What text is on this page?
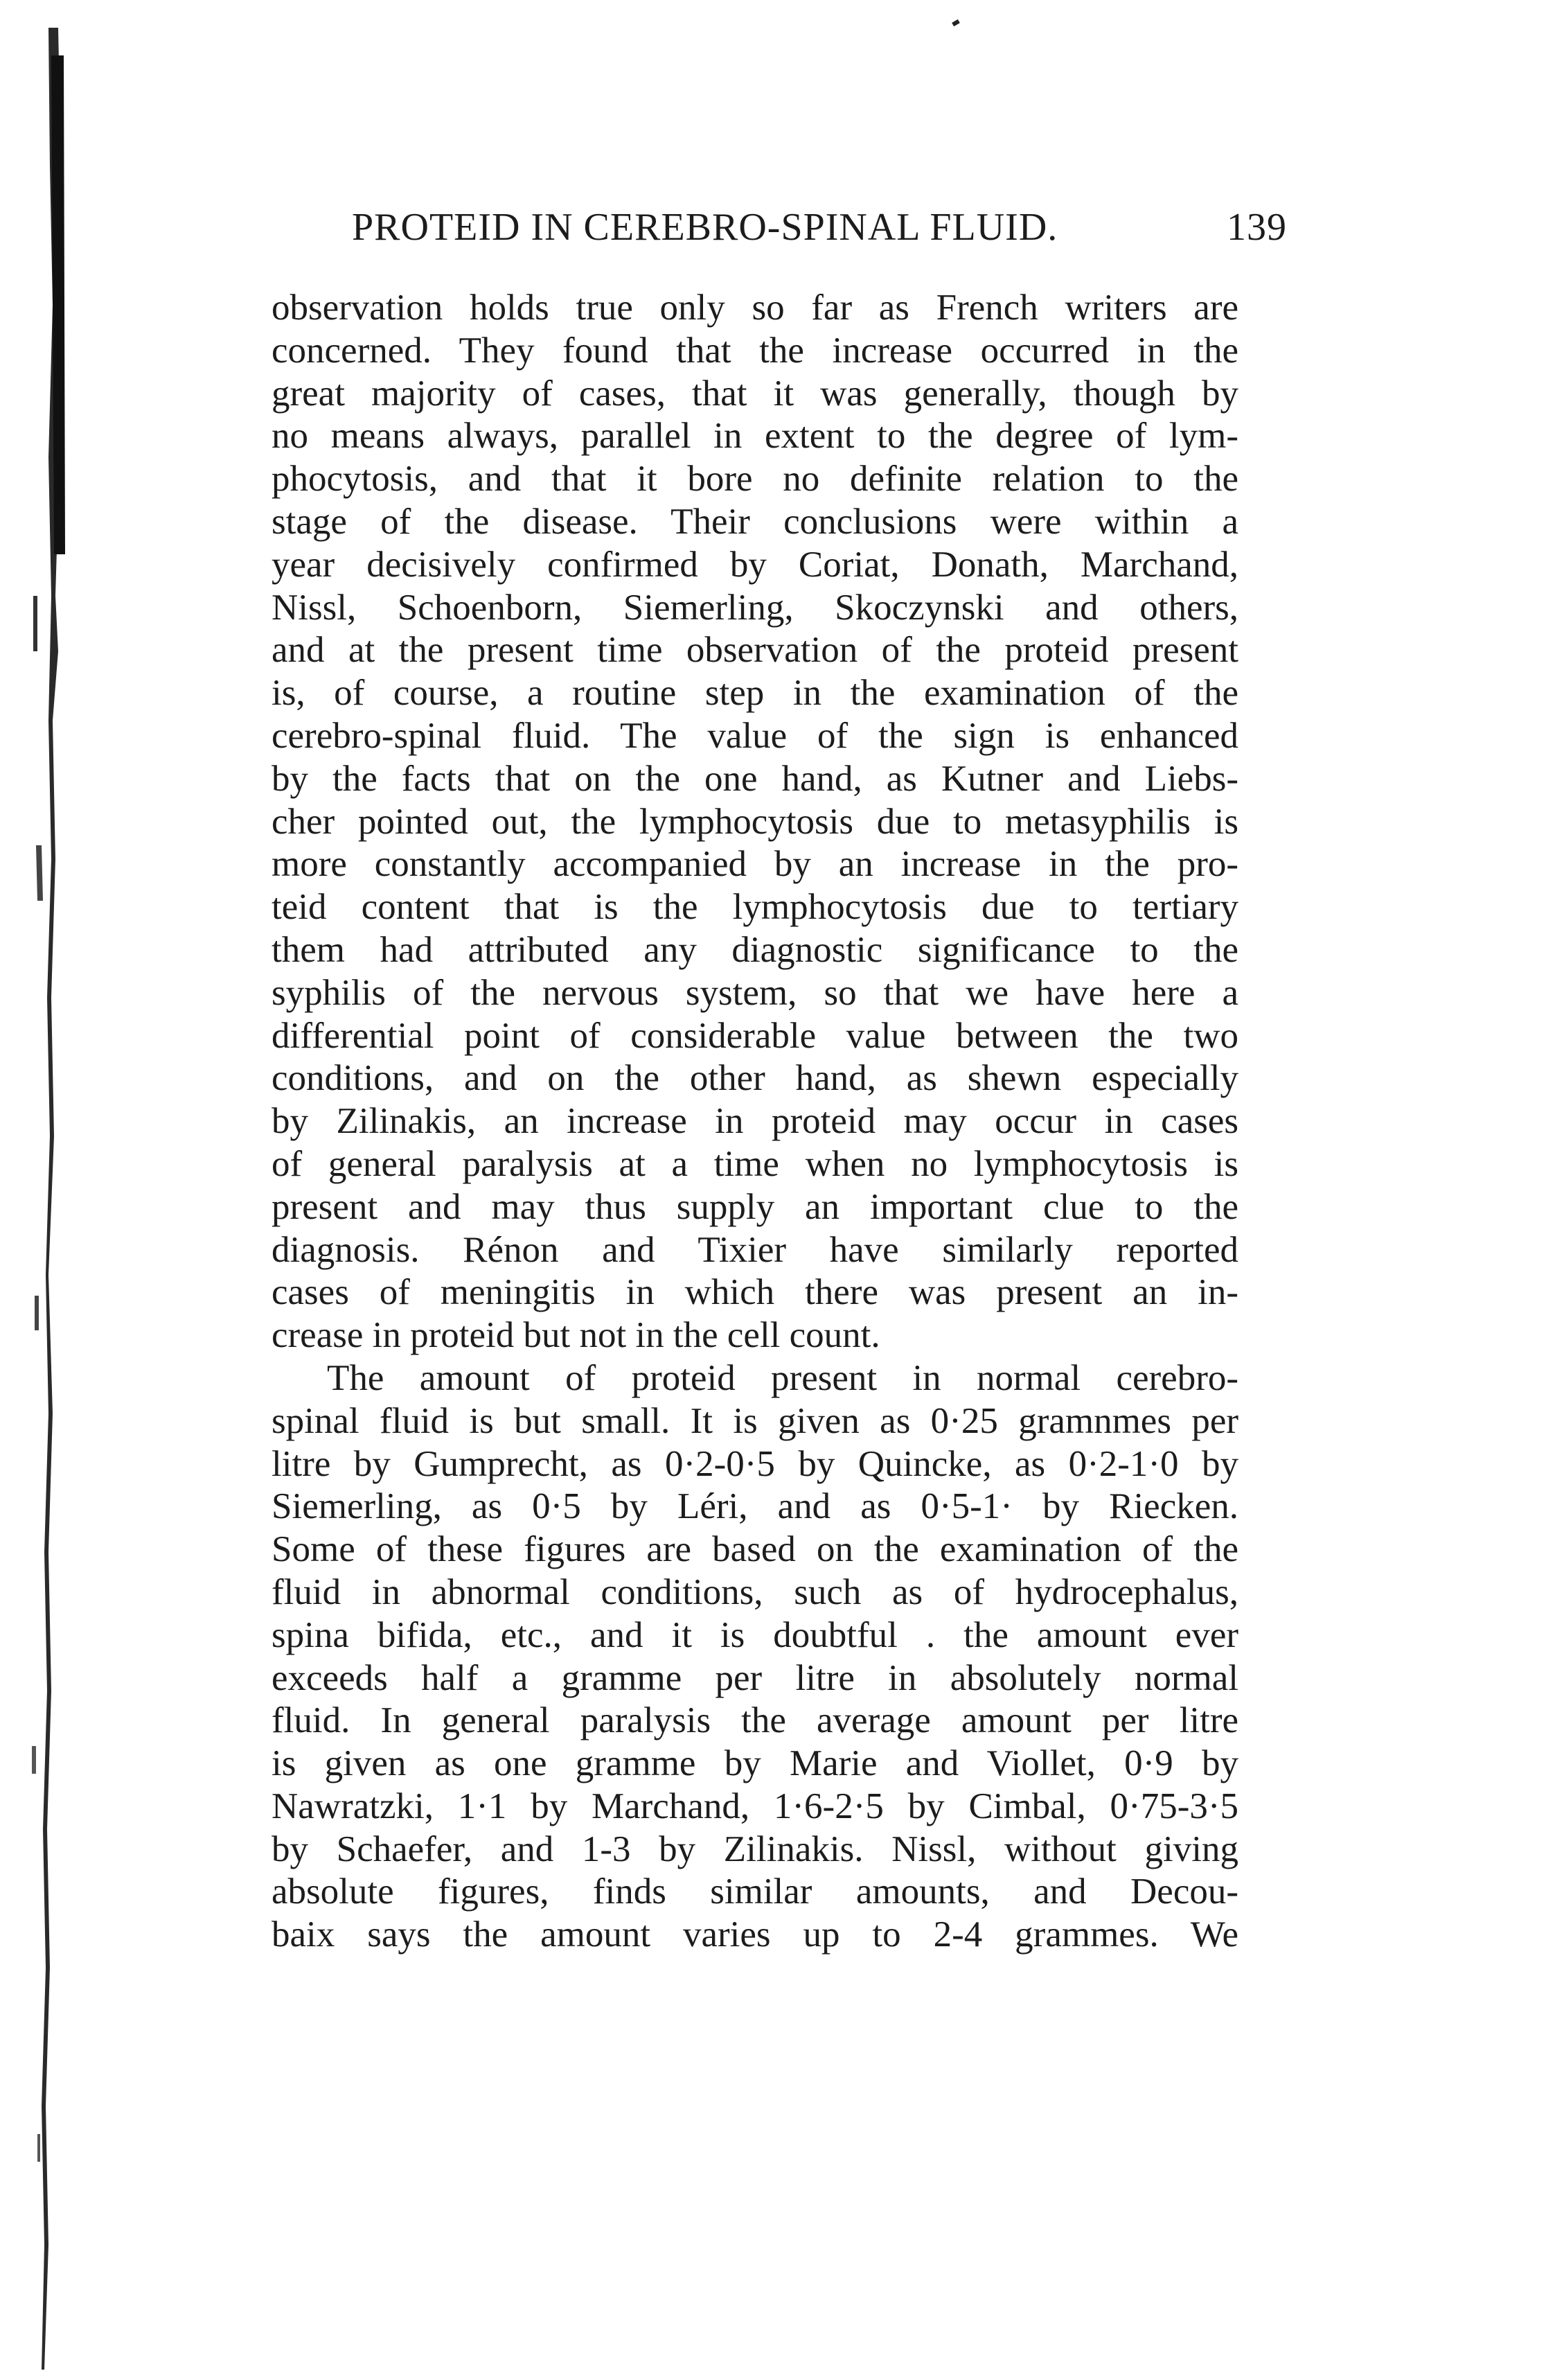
PROTEID IN CEREBRO-SPINAL FLUID.	139
observation holds true only so far as French writers are
concerned. They found that the increase occurred in the
great majority of cases, that it was generally, though by
no means always, parallel in extent to the degree of lym-
phocytosis, and that it bore no definite relation to the
stage of the disease. Their conclusions were within a
year decisively confirmed by Coriat, Donath, Marchand,
Nissl, Schoenborn, Siemerling, Skoczynski and others,
and at the present time observation of the proteid present
is, of course, a routine step in the examination of the
cerebro-spinal fluid. The value of the sign is enhanced
by the facts that on the one hand, as Kutner and Liebs-
cher pointed out, the lymphocytosis due to metasyphilis is
more constantly accompanied by an increase in the pro-
teid content that is the lymphocytosis due to tertiary
them had attributed any diagnostic significance to the
syphilis of the nervous system, so that we have here a
differential point of considerable value between the two
conditions, and on the other hand, as shewn especially
by Zilinakis, an increase in proteid may occur in cases
of general paralysis at a time when no lymphocytosis is
present and may thus supply an important clue to the
diagnosis. Rénon and Tixier have similarly reported
cases of meningitis in which there was present an in-
crease in proteid but not in the cell count.
The amount of proteid present in normal cerebro-
spinal fluid is but small. It is given as 0·25 gramnmes per
litre by Gumprecht, as 0·2-0·5 by Quincke, as 0·2-1·0 by
Siemerling, as 0·5 by Léri, and as 0·5-1· by Riecken.
Some of these figures are based on the examination of the
fluid in abnormal conditions, such as of hydrocephalus,
spina bifida, etc., and it is doubtful . the amount ever
exceeds half a gramme per litre in absolutely normal
fluid. In general paralysis the average amount per litre
is given as one gramme by Marie and Viollet, 0·9 by
Nawratzki, 1·1 by Marchand, 1·6-2·5 by Cimbal, 0·75-3·5
by Schaefer, and 1-3 by Zilinakis. Nissl, without giving
absolute figures, finds similar amounts, and Decou-
baix says the amount varies up to 2-4 grammes. We
